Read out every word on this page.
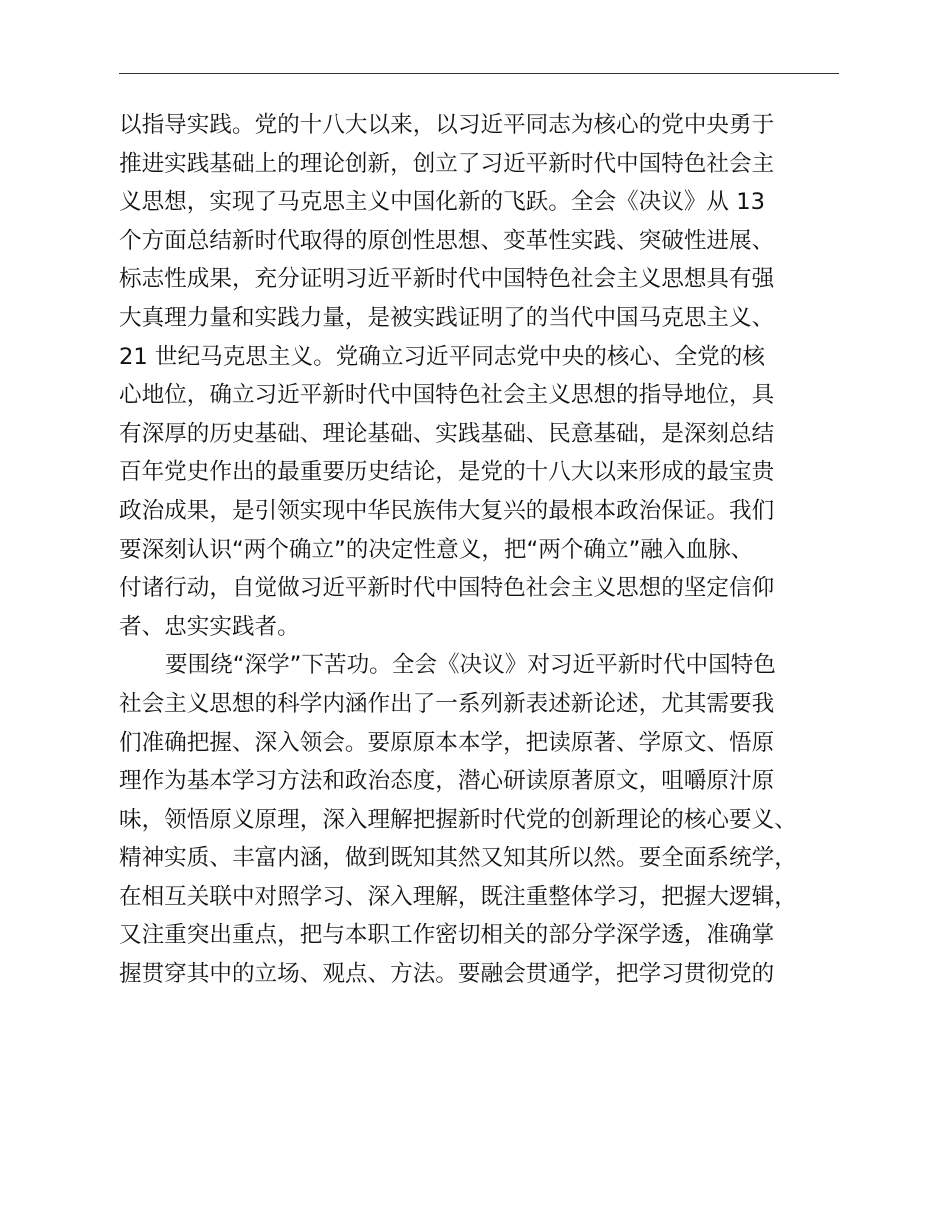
以指导实践。党的十八大以来，以习近平同志为核心的党中央勇于
推进实践基础上的理论创新，创立了习近平新时代中国特色社会主
义思想，实现了马克思主义中国化新的飞跃。全会《决议》从 13
个方面总结新时代取得的原创性思想、变革性实践、突破性进展、
标志性成果，充分证明习近平新时代中国特色社会主义思想具有强
大真理力量和实践力量，是被实践证明了的当代中国马克思主义、
21 世纪马克思主义。党确立习近平同志党中央的核心、全党的核
心地位，确立习近平新时代中国特色社会主义思想的指导地位，具
有深厚的历史基础、理论基础、实践基础、民意基础，是深刻总结
百年党史作出的最重要历史结论，是党的十八大以来形成的最宝贵
政治成果，是引领实现中华民族伟大复兴的最根本政治保证。我们
要深刻认识“两个确立”的决定性意义，把“两个确立”融入血脉、
付诸行动，自觉做习近平新时代中国特色社会主义思想的坚定信仰
者、忠实实践者。
要围绕“深学”下苦功。全会《决议》对习近平新时代中国特色
社会主义思想的科学内涵作出了一系列新表述新论述，尤其需要我
们准确把握、深入领会。要原原本本学，把读原著、学原文、悟原
理作为基本学习方法和政治态度，潜心研读原著原文，咀嚼原汁原
味，领悟原义原理，深入理解把握新时代党的创新理论的核心要义、
精神实质、丰富内涵，做到既知其然又知其所以然。要全面系统学，
在相互关联中对照学习、深入理解，既注重整体学习，把握大逻辑，
又注重突出重点，把与本职工作密切相关的部分学深学透，准确掌
握贯穿其中的立场、观点、方法。要融会贯通学，把学习贯彻党的
